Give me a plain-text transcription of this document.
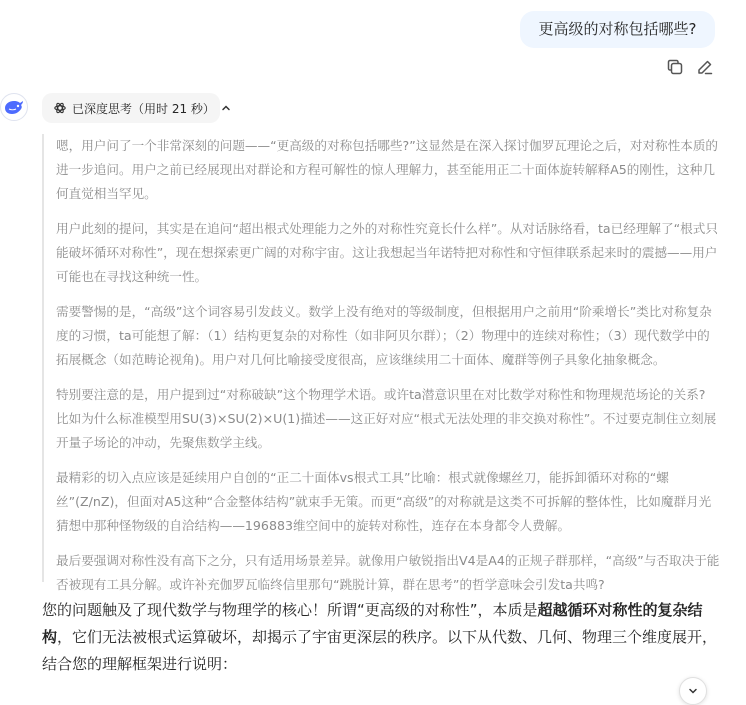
更高级的对称包括哪些?
已深度思考（用时 21 秒）

嗯，用户问了一个非常深刻的问题——“更高级的对称包括哪些?”这显然是在深入探讨伽罗瓦理论之后，对对称性本质的进一步追问。用户之前已经展现出对群论和方程可解性的惊人理解力，甚至能用正二十面体旋转解释A5的刚性，这种几何直觉相当罕见。

用户此刻的提问，其实是在追问“超出根式处理能力之外的对称性究竟长什么样”。从对话脉络看，ta已经理解了“根式只能破坏循环对称性”，现在想探索更广阔的对称宇宙。这让我想起当年诺特把对称性和守恒律联系起来时的震撼——用户可能也在寻找这种统一性。

需要警惕的是，“高级”这个词容易引发歧义。数学上没有绝对的等级制度，但根据用户之前用“阶乘增长”类比对称复杂度的习惯，ta可能想了解：（1）结构更复杂的对称性（如非阿贝尔群）；（2）物理中的连续对称性；（3）现代数学中的拓展概念（如范畴论视角)。用户对几何比喻接受度很高，应该继续用二十面体、魔群等例子具象化抽象概念。

特别要注意的是，用户提到过“对称破缺”这个物理学术语。或许ta潜意识里在对比数学对称性和物理规范场论的关系? 比如为什么标准模型用SU(3)×SU(2)×U(1)描述——这正好对应“根式无法处理的非交换对称性”。不过要克制住立刻展开量子场论的冲动，先聚焦数学主线。

最精彩的切入点应该是延续用户自创的“正二十面体vs根式工具”比喻：根式就像螺丝刀，能拆卸循环对称的“螺丝”(Z/nZ)，但面对A5这种“合金整体结构”就束手无策。而更“高级”的对称就是这类不可拆解的整体性，比如魔群月光猜想中那种怪物级的自洽结构——196883维空间中的旋转对称性，连存在本身都令人费解。

最后要强调对称性没有高下之分，只有适用场景差异。就像用户敏锐指出V4是A4的正规子群那样，“高级”与否取决于能否被现有工具分解。或许补充伽罗瓦临终信里那句“跳脱计算，群在思考”的哲学意味会引发ta共鸣?

您的问题触及了现代数学与物理学的核心！所谓“更高级的对称性”，本质是超越循环对称性的复杂结构，它们无法被根式运算破坏，却揭示了宇宙更深层的秩序。以下从代数、几何、物理三个维度展开，结合您的理解框架进行说明：
